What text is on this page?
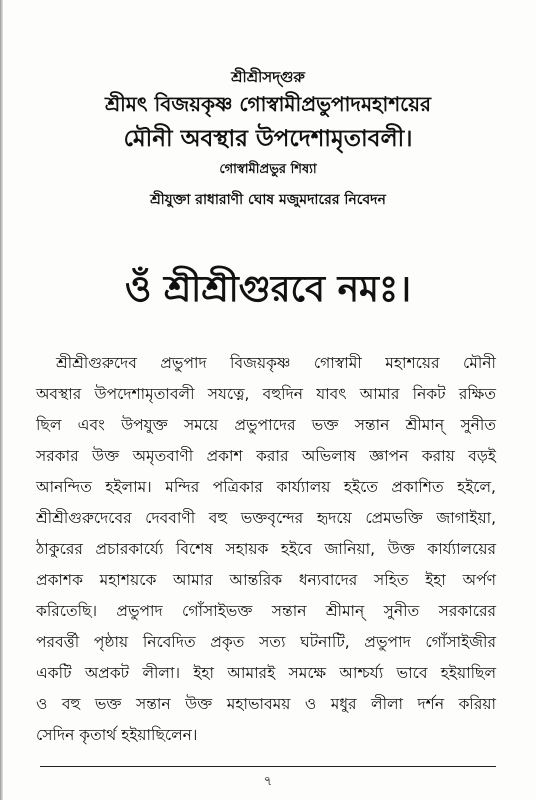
শ্রীশ্রীসদ্গুরু
শ্রীমৎ বিজয়কৃষ্ণ গোস্বামীপ্রভুপাদমহাশয়ের
মৌনী অবস্থার উপদেশামৃতাবলী।
গোস্বামীপ্রভুর শিষ্যা
শ্রীযুক্তা রাধারাণী ঘোষ মজুমদারের নিবেদন
ওঁ শ্রীশ্রীগুরবে নমঃ।
শ্রীশ্রীগুরুদেব প্রভুপাদ বিজয়কৃষ্ণ গোস্বামী মহাশয়ের মৌনী
অবস্থার উপদেশামৃতাবলী সযত্নে, বহুদিন যাবৎ আমার নিকট রক্ষিত
ছিল এবং উপযুক্ত সময়ে প্রভুপাদের ভক্ত সন্তান শ্রীমান্ সুনীত
সরকার উক্ত অমৃতবাণী প্রকাশ করার অভিলাষ জ্ঞাপন করায় বড়ই
আনন্দিত হইলাম। মন্দির পত্রিকার কার্য্যালয় হইতে প্রকাশিত হইলে,
শ্রীশ্রীগুরুদেবের দেববাণী বহু ভক্তবৃন্দের হৃদয়ে প্রেমভক্তি জাগাইয়া,
ঠাকুরের প্রচারকার্য্যে বিশেষ সহায়ক হইবে জানিয়া, উক্ত কার্য্যালয়ের
প্রকাশক মহাশয়কে আমার আন্তরিক ধন্যবাদের সহিত ইহা অর্পণ
করিতেছি। প্রভুপাদ গোঁসাইভক্ত সন্তান শ্রীমান্ সুনীত সরকারের
পরবর্ত্তী পৃষ্ঠায় নিবেদিত প্রকৃত সত্য ঘটনাটি, প্রভুপাদ গোঁসাইজীর
একটি অপ্রকট লীলা। ইহা আমারই সমক্ষে আশ্চর্য্য ভাবে হইয়াছিল
ও বহু ভক্ত সন্তান উক্ত মহাভাবময় ও মধুর লীলা দর্শন করিয়া
সেদিন কৃতার্থ হইয়াছিলেন।
৭
